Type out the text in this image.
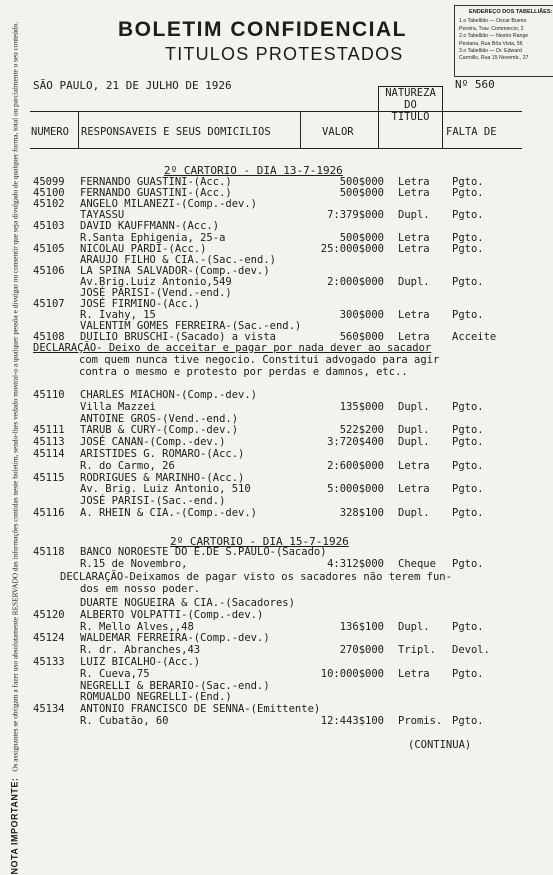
BOLETIM CONFIDENCIAL
TITULOS PROTESTADOS
ENDEREÇO DOS TABELLIÃES:
1.o Tabellião — Oscar Bueno
Pereira, Trav. Commercio, 2
2.o Tabellião — Nestor Range
Pestana, Rua Bôa Vista, 56
3.o Tabellião — Dr. Edward
Carmillo, Rua 15 Novemb., 27
SÃO PAULO, 21 DE JULHO DE 1926	Nº 560
NUMERO RESPONSAVEIS E SEUS DOMICILIOS	VALOR
NATUREZA
DO
TITULO
FALTA DE
2º CARTORIO - DIA 13-7-1926
45099 FERNANDO GUASTINI-(Acc.)	500$000 Letra Pgto.
45100 FERNANDO GUASTINI-(Acc.)	500$000 Letra Pgto.
45102 ANGELO MILANEZI-(Comp.-dev.)
TAYASSU	7:379$000 Dupl. Pgto.
45103 DAVID KAUFFMANN-(Acc.)
R.Santa Ephigenia, 25-a	500$000 Letra Pgto.
45105 NICOLAU PARDI-(Acc.)	25:000$000 Letra Pgto.
ARAUJO FILHO & CIA.-(Sac.-end.)
45106 LA SPINA SALVADOR-(Comp.-dev.)
Av.Brig.Luiz Antonio,549	2:000$000 Dupl. Pgto.
JOSÉ PARISI-(Vend.-end.)
45107 JOSÉ FIRMINO-(Acc.)
R. Ivahy, 15	300$000 Letra Pgto.
VALENTIM GOMES FERREIRA-(Sac.-end.)
45108 DUILIO BRUSCHI-(Sacado) a vista	560$000 Letra Acceite
DECLARAÇÃO- Deixo de acceitar e pagar por nada dever ao sacador
com quem nunca tive negocio. Constitui advogado para agir
contra o mesmo e protesto por perdas e damnos, etc..
45110 CHARLES MIACHON-(Comp.-dev.)
Villa Mazzei	135$000 Dupl. Pgto.
ANTOINE GROS-(Vend.-end.)
45111 TARUB & CURY-(Comp.-dev.)	522$200 Dupl. Pgto.
45113 JOSÉ CANAN-(Comp.-dev.)	3:720$400 Dupl. Pgto.
45114 ARISTIDES G. ROMARO-(Acc.)
R. do Carmo, 26	2:600$000 Letra Pgto.
45115 RODRIGUES & MARINHO-(Acc.)
Av. Brig. Luiz Antonio, 510	5:000$000 Letra Pgto.
JOSÉ PARISI-(Sac.-end.)
45116 A. RHEIN & CIA.-(Comp.-dev.)	328$100 Dupl. Pgto.
2º CARTORIO - DIA 15-7-1926
45118 BANCO NOROESTE DO E.DE S.PAULO-(Sacado)
R.15 de Novembro,	4:312$000 Cheque Pgto.
DECLARAÇÃO-Deixamos de pagar visto os sacadores não terem fun-
dos em nosso poder.
DUARTE NOGUEIRA & CIA.-(Sacadores)
45120 ALBERTO VOLPATTI-(Comp.-dev.)
R. Mello Alves,,48	136$100 Dupl. Pgto.
45124 WALDEMAR FERREIRA-(Comp.-dev.)
R. dr. Abranches,43	270$000 Tripl. Devol.
45133 LUIZ BICALHO-(Acc.)
R. Cueva,75	10:000$000 Letra Pgto.
NEGRELLI & BERARIO-(Sac.-end.)
ROMUALDO NEGRELLI-(End.)
45134 ANTONIO FRANCISCO DE SENNA-(Emittente)
R. Cubatão, 60	12:443$100 Promis. Pgto.
(CONTINUA)
NOTA IMPORTANTE:Os assignantes se obrigam a fazer uso absolutamente RESERVADO das informações contidas neste boletim, sendo-lhes vedado mostral-o a qualquer pessôa e divulgar ou consentir que seja divulgado de qualquer forma, total ou parcialmente o seu conteúdo.
